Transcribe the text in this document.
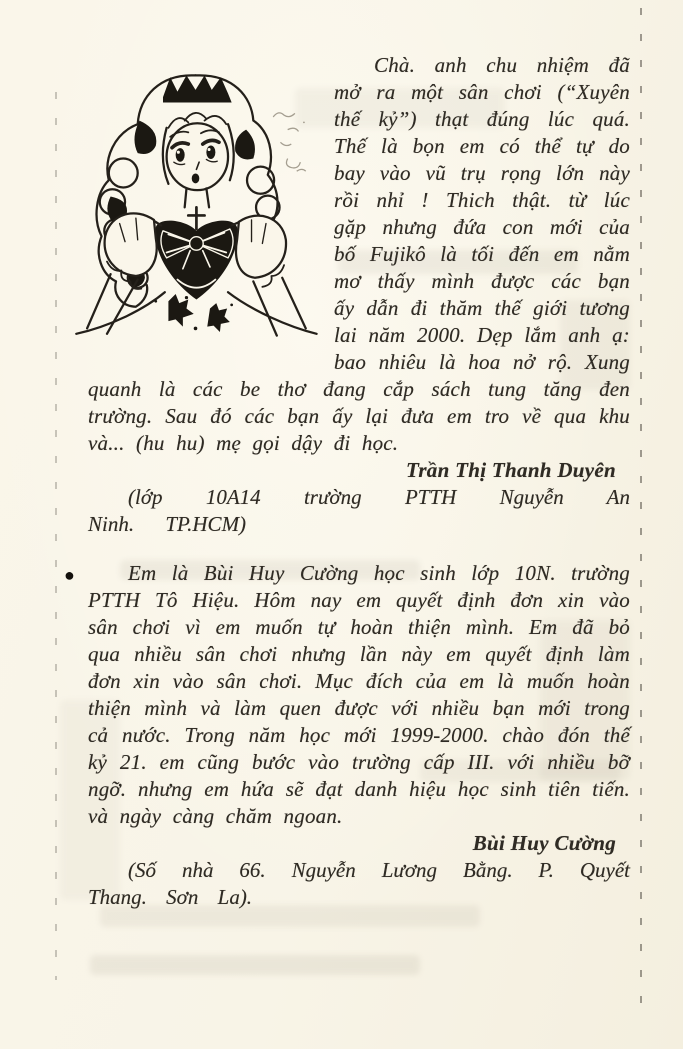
Chà. anh chu nhiệm đã mở ra một sân chơi (“Xuyên thế kỷ”) thạt đúng lúc quá. Thế là bọn em có thể tự do bay vào vũ trụ rọng lớn này rồi nhỉ ! Thich thật. từ lúc gặp nhưng đứa con mới của bố Fujikô là tối đến em nằm mơ thấy mình được các bạn ấy dẫn đi thăm thế giới tương lai năm 2000. Dẹp lắm anh ạ: bao nhiêu là hoa nở rộ. Xung quanh là các be thơ đang cắp sách tung tăng đen trường. Sau đó các bạn ấy lại đưa em tro về qua khu và... (hu hu) mẹ gọi dậy đi học.

Trần Thị Thanh Duyên

(lớp 10A14 trường PTTH Nguyễn An Ninh. TP.HCM)

●	Em là Bùi Huy Cường học sinh lớp 10N. trường PTTH Tô Hiệu. Hôm nay em quyết định đơn xin vào sân chơi vì em muốn tự hoàn thiện mình. Em đã bỏ qua nhiều sân chơi nhưng lần này em quyết định làm đơn xin vào sân chơi. Mục đích của em là muốn hoàn thiện mình và làm quen được với nhiều bạn mới trong cả nước. Trong năm học mới 1999-2000. chào đón thế kỷ 21. em cũng bước vào trường cấp III. với nhiều bỡ ngỡ. nhưng em hứa sẽ đạt danh hiệu học sinh tiên tiến. và ngày càng chăm ngoan.

Bùi Huy Cường

(Số nhà 66. Nguyễn Lương Bằng. P. Quyết Thang. Sơn La).
